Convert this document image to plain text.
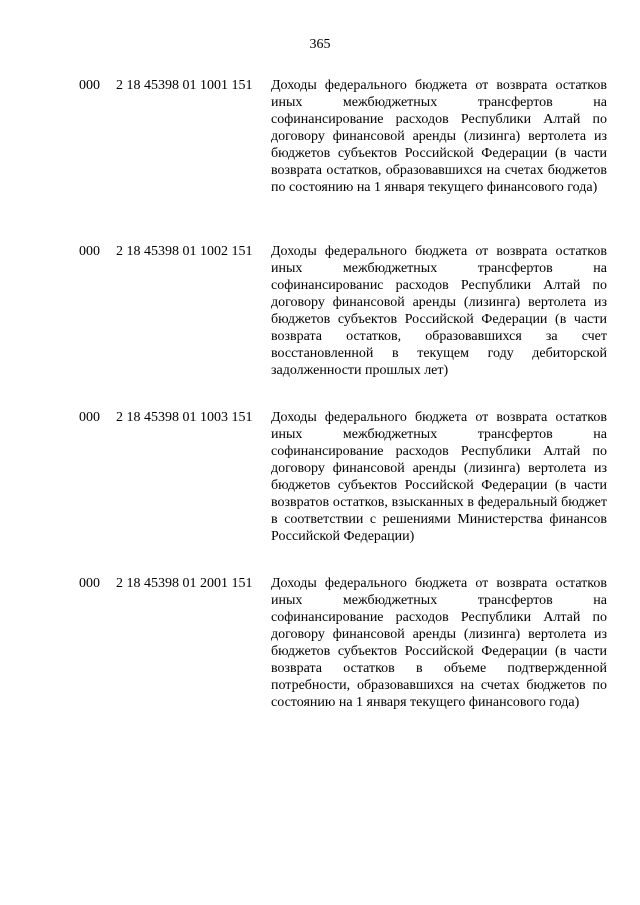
365
000 2 18 45398 01 1001 151 Доходы федерального бюджета от возврата остатков иных межбюджетных трансфертов на софинансирование расходов Республики Алтай по договору финансовой аренды (лизинга) вертолета из бюджетов субъектов Российской Федерации (в части возврата остатков, образовавшихся на счетах бюджетов по состоянию на 1 января текущего финансового года)
000 2 18 45398 01 1002 151 Доходы федерального бюджета от возврата остатков иных межбюджетных трансфертов на софинансированис расходов Республики Алтай по договору финансовой аренды (лизинга) вертолета из бюджетов субъектов Российской Федерации (в части возврата остатков, образовавшихся за счет восстановленной в текущем году дебиторской задолженности прошлых лет)
000 2 18 45398 01 1003 151 Доходы федерального бюджета от возврата остатков иных межбюджетных трансфертов на софинансирование расходов Республики Алтай по договору финансовой аренды (лизинга) вертолета из бюджетов субъектов Российской Федерации (в части возвратов остатков, взысканных в федеральный бюджет в соответствии с решениями Министерства финансов Российской Федерации)
000 2 18 45398 01 2001 151 Доходы федерального бюджета от возврата остатков иных межбюджетных трансфертов на софинансирование расходов Республики Алтай по договору финансовой аренды (лизинга) вертолета из бюджетов субъектов Российской Федерации (в части возврата остатков в объеме подтвержденной потребности, образовавшихся на счетах бюджетов по состоянию на 1 января текущего финансового года)
